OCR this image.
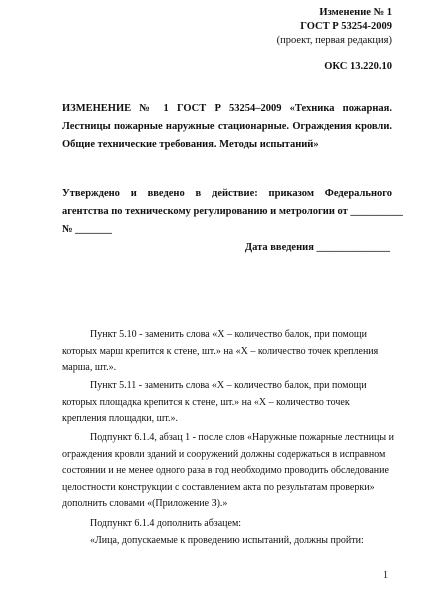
Изменение № 1
ГОСТ Р 53254-2009
(проект, первая редакция)
ОКС 13.220.10
ИЗМЕНЕНИЕ № 1 ГОСТ Р 53254–2009 «Техника пожарная. Лестницы пожарные наружные стационарные. Ограждения кровли. Общие технические требования. Методы испытаний»
Утверждено и введено в действие: приказом Федерального
агентства по техническому регулированию и метрологии от __________
№ _______
Дата введения ______________
Пункт 5.10 - заменить слова «X – количество балок, при помощи
которых марш крепится к стене, шт.» на «X – количество точек крепления
марша, шт.».
Пункт 5.11 - заменить слова «X – количество балок, при помощи
которых площадка крепится к стене, шт.» на «X – количество точек
крепления площадки, шт.».
Подпункт 6.1.4, абзац 1 - после слов «Наружные пожарные лестницы и
ограждения кровли зданий и сооружений должны содержаться в исправном
состоянии и не менее одного раза в год необходимо проводить обследование
целостности конструкции с составлением акта по результатам проверки»
дополнить словами «(Приложение З).»
Подпункт 6.1.4 дополнить абзацем:
«Лица, допускаемые к проведению испытаний, должны пройти:
1
